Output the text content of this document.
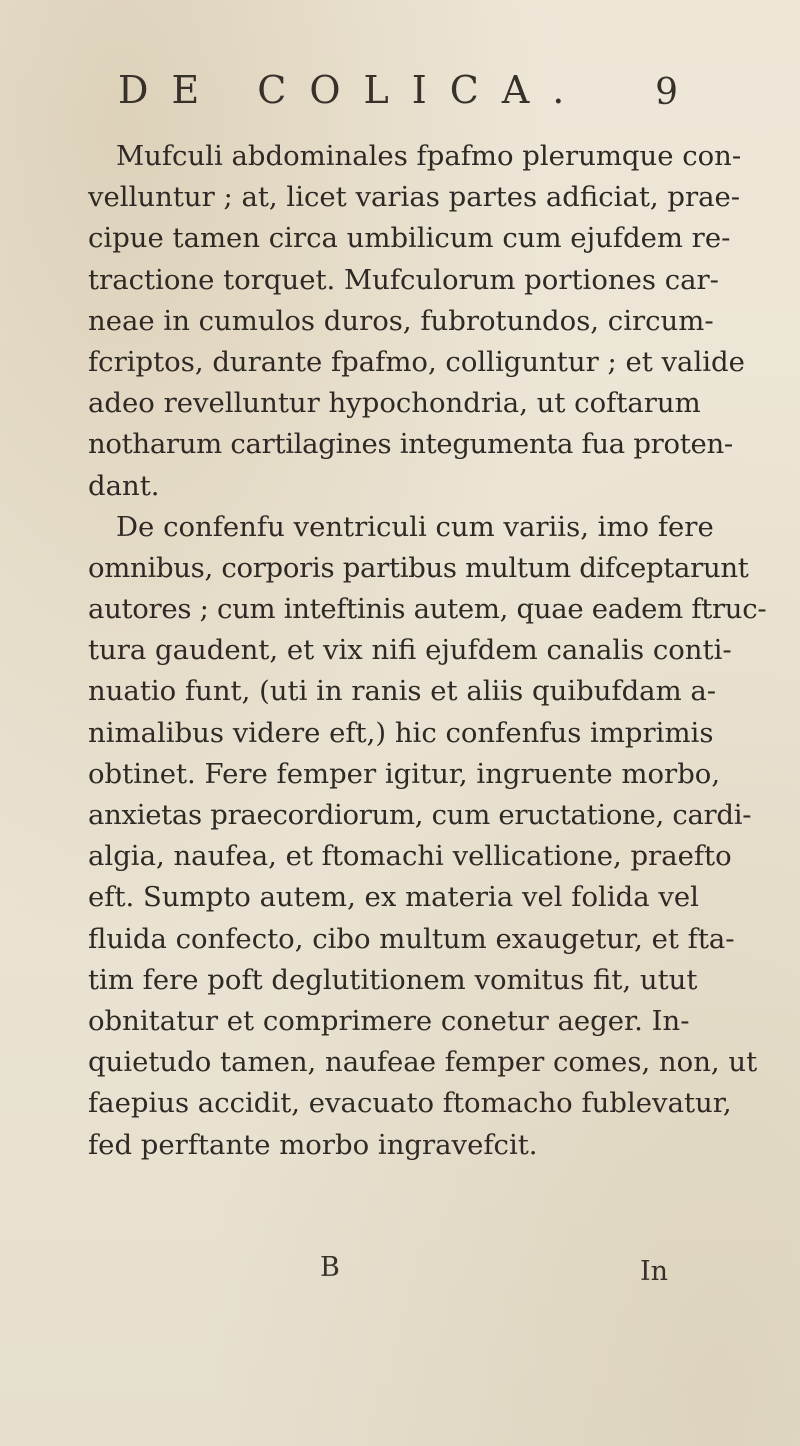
DE COLICA. 9
Mufculi abdominales fpafmo plerumque con-
velluntur ; at, licet varias partes adficiat, prae-
cipue tamen circa umbilicum cum ejufdem re-
tractione torquet. Mufculorum portiones car-
neae in cumulos duros, fubrotundos, circum-
fcriptos, durante fpafmo, colliguntur ; et valide
adeo revelluntur hypochondria, ut coftarum
notharum cartilagines integumenta fua proten-
dant.
De confenfu ventriculi cum variis, imo fere
omnibus, corporis partibus multum difceptarunt
autores ; cum inteftinis autem, quae eadem ftruc-
tura gaudent, et vix nifi ejufdem canalis conti-
nuatio funt, (uti in ranis et aliis quibufdam a-
nimalibus videre eft,) hic confenfus imprimis
obtinet. Fere femper igitur, ingruente morbo,
anxietas praecordiorum, cum eructatione, cardi-
algia, naufea, et ftomachi vellicatione, praefto
eft. Sumpto autem, ex materia vel folida vel
fluida confecto, cibo multum exaugetur, et fta-
tim fere poft deglutitionem vomitus fit, utut
obnitatur et comprimere conetur aeger. In-
quietudo tamen, naufeae femper comes, non, ut
faepius accidit, evacuato ftomacho fublevatur,
fed perftante morbo ingravefcit.
B	In
